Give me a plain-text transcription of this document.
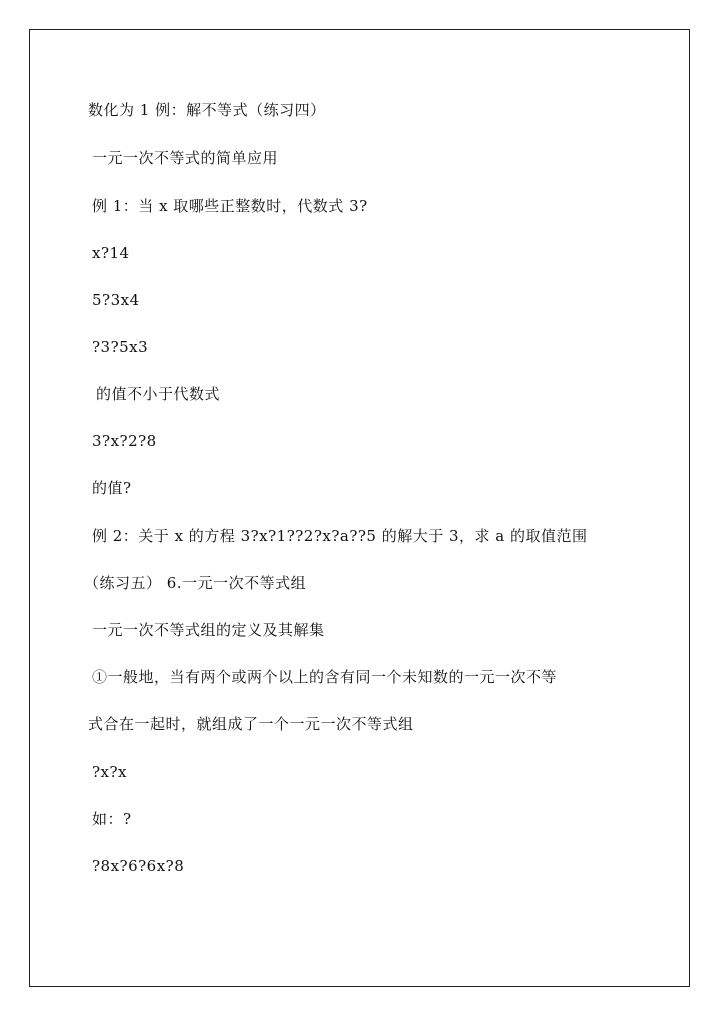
数化为 1 例：解不等式（练习四）
一元一次不等式的简单应用
例 1：当 x 取哪些正整数时，代数式 3?
x?14
5?3x4
?3?5x3
的值不小于代数式
3?x?2?8
的值?
例 2：关于 x 的方程 3?x?1??2?x?a??5 的解大于 3，求 a 的取值范围
（练习五） 6.一元一次不等式组
一元一次不等式组的定义及其解集
①一般地，当有两个或两个以上的含有同一个未知数的一元一次不等
式合在一起时，就组成了一个一元一次不等式组
?x?x
如：?
?8x?6?6x?8
